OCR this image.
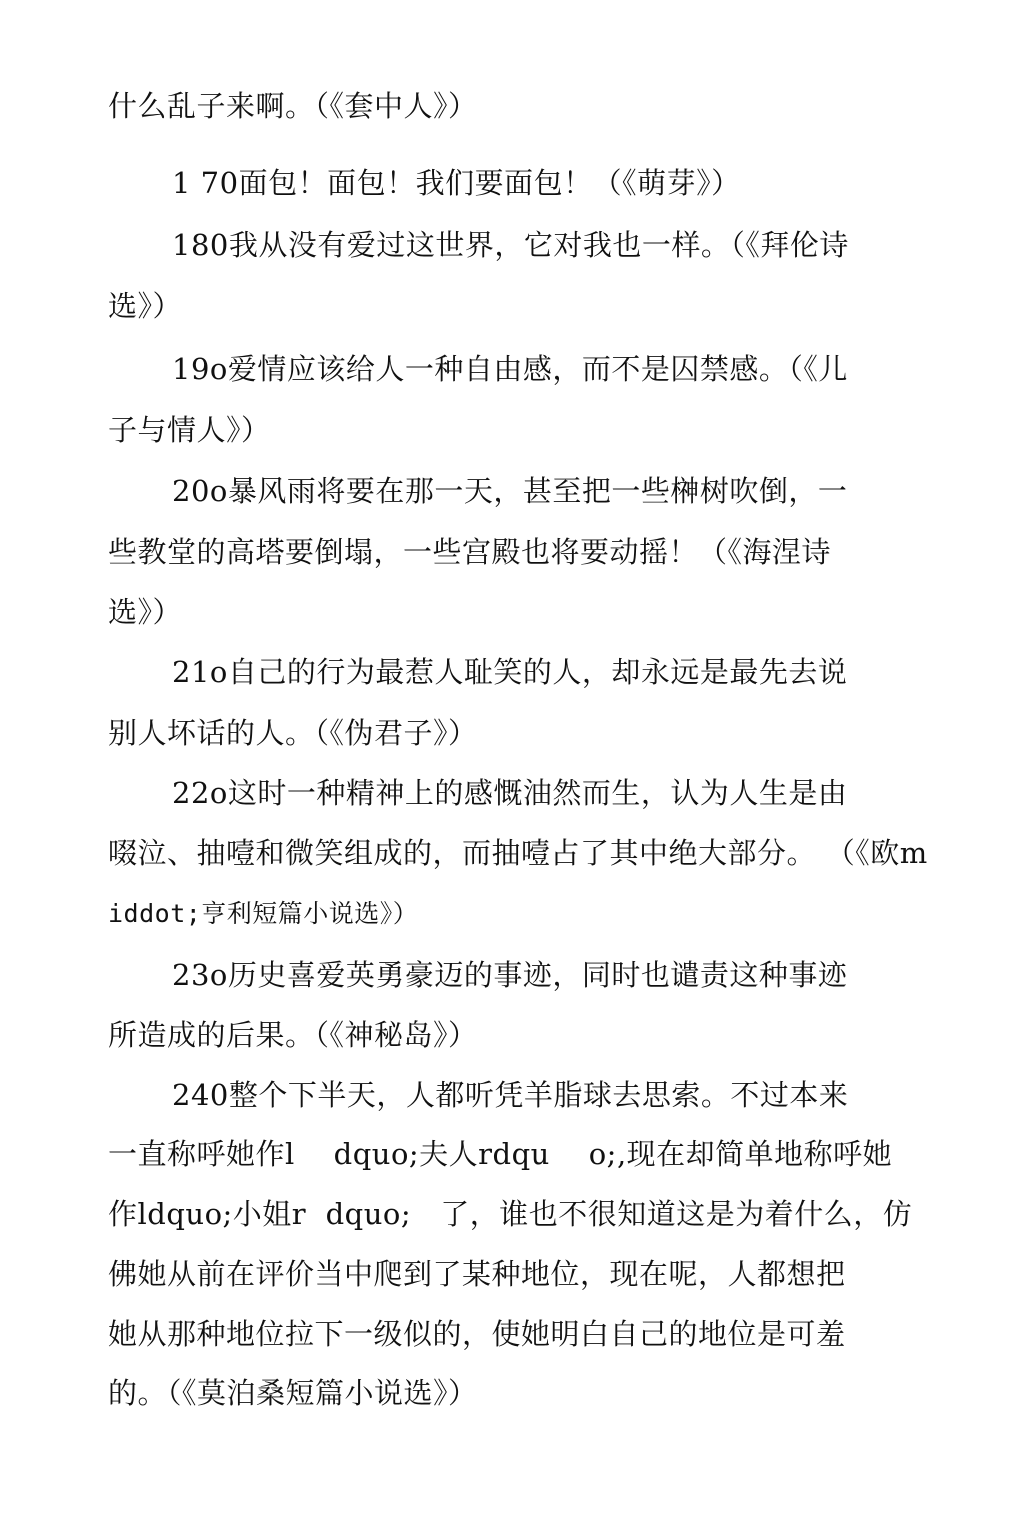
什么乱子来啊。（《套中人》）
1 70面包！面包！我们要面包！（《萌芽》）
180我从没有爱过这世界，它对我也一样。（《拜伦诗
选》）
19o爱情应该给人一种自由感，而不是囚禁感。（《儿
子与情人》）
20o暴风雨将要在那一天，甚至把一些榊树吹倒，一
些教堂的高塔要倒塌，一些宫殿也将要动摇！（《海涅诗
选》）
21o自己的行为最惹人耻笑的人，却永远是最先去说
别人坏话的人。（《伪君子》）
22o这时一种精神上的感慨油然而生，认为人生是由
啜泣、抽噎和微笑组成的，而抽噎占了其中绝大部分。 （《欧m
iddot;亨利短篇小说选》）
23o历史喜爱英勇豪迈的事迹，同时也谴责这种事迹
所造成的后果。（《神秘岛》）
240整个下半天，人都听凭羊脂球去思索。不过本来
一直称呼她作l    dquo;夫人rdqu    o;,现在却简单地称呼她
作ldquo;小姐r  dquo;   了，谁也不很知道这是为着什么，仿
佛她从前在评价当中爬到了某种地位，现在呢，人都想把
她从那种地位拉下一级似的，使她明白自己的地位是可羞
的。（《莫泊桑短篇小说选》）
